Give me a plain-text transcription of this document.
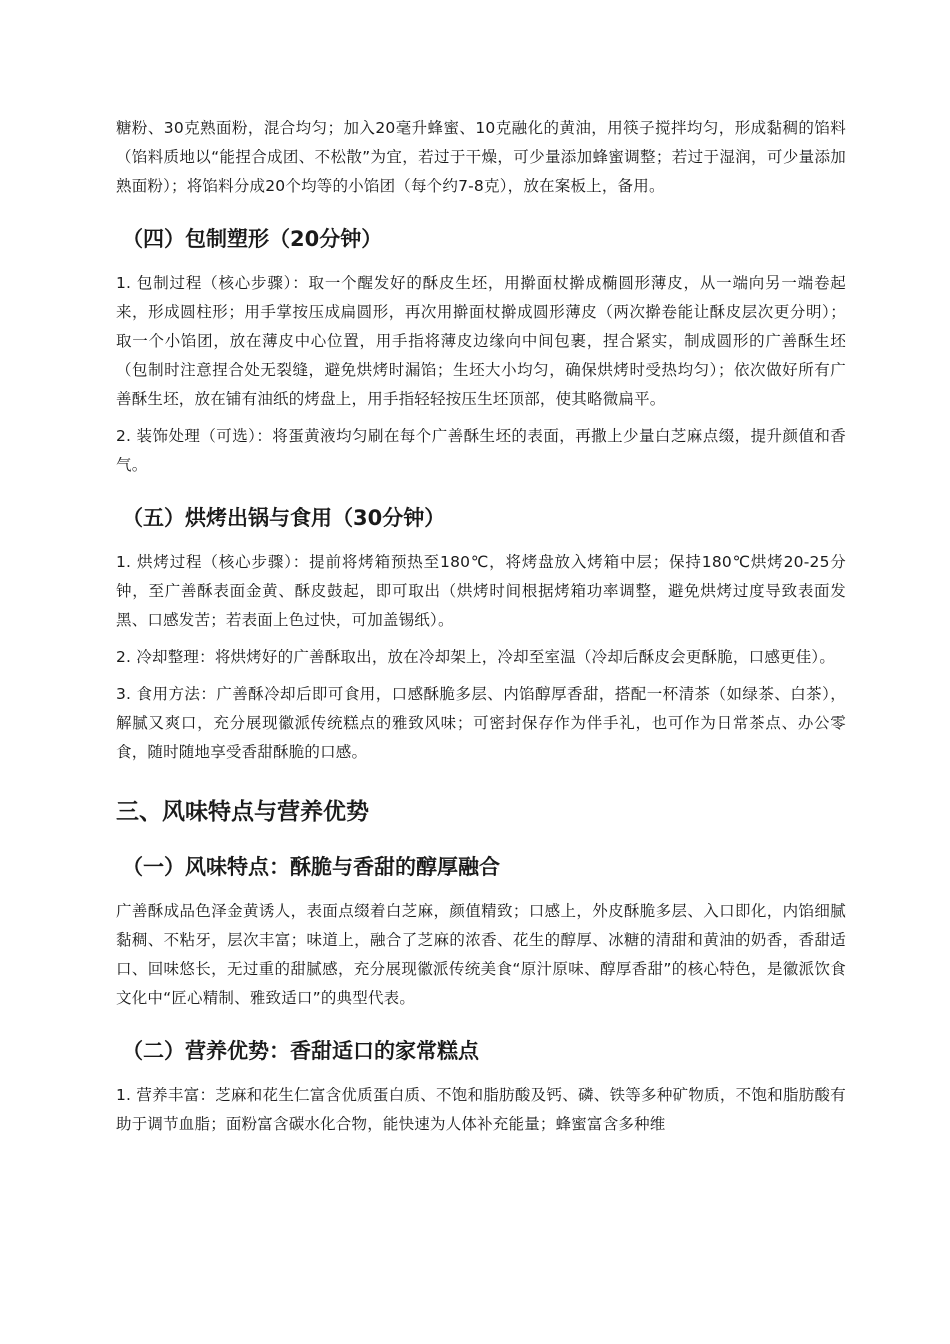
糖粉、30克熟面粉，混合均匀；加入20毫升蜂蜜、10克融化的黄油，用筷子搅拌均匀，形成黏稠的馅料（馅料质地以“能捏合成团、不松散”为宜，若过于干燥，可少量添加蜂蜜调整；若过于湿润，可少量添加熟面粉）；将馅料分成20个均等的小馅团（每个约7-8克），放在案板上，备用。

（四）包制塑形（20分钟）

1. 包制过程（核心步骤）：取一个醒发好的酥皮生坯，用擀面杖擀成椭圆形薄皮，从一端向另一端卷起来，形成圆柱形；用手掌按压成扁圆形，再次用擀面杖擀成圆形薄皮（两次擀卷能让酥皮层次更分明）；取一个小馅团，放在薄皮中心位置，用手指将薄皮边缘向中间包裹，捏合紧实，制成圆形的广善酥生坯（包制时注意捏合处无裂缝，避免烘烤时漏馅；生坯大小均匀，确保烘烤时受热均匀）；依次做好所有广善酥生坯，放在铺有油纸的烤盘上，用手指轻轻按压生坯顶部，使其略微扁平。

2. 装饰处理（可选）：将蛋黄液均匀刷在每个广善酥生坯的表面，再撒上少量白芝麻点缀，提升颜值和香气。

（五）烘烤出锅与食用（30分钟）

1. 烘烤过程（核心步骤）：提前将烤箱预热至180℃，将烤盘放入烤箱中层；保持180℃烘烤20-25分钟，至广善酥表面金黄、酥皮鼓起，即可取出（烘烤时间根据烤箱功率调整，避免烘烤过度导致表面发黑、口感发苦；若表面上色过快，可加盖锡纸）。

2. 冷却整理：将烘烤好的广善酥取出，放在冷却架上，冷却至室温（冷却后酥皮会更酥脆，口感更佳）。

3. 食用方法：广善酥冷却后即可食用，口感酥脆多层、内馅醇厚香甜，搭配一杯清茶（如绿茶、白茶），解腻又爽口，充分展现徽派传统糕点的雅致风味；可密封保存作为伴手礼，也可作为日常茶点、办公零食，随时随地享受香甜酥脆的口感。

三、风味特点与营养优势
（一）风味特点：酥脆与香甜的醇厚融合

广善酥成品色泽金黄诱人，表面点缀着白芝麻，颜值精致；口感上，外皮酥脆多层、入口即化，内馅细腻黏稠、不粘牙，层次丰富；味道上，融合了芝麻的浓香、花生的醇厚、冰糖的清甜和黄油的奶香，香甜适口、回味悠长，无过重的甜腻感，充分展现徽派传统美食“原汁原味、醇厚香甜”的核心特色，是徽派饮食文化中“匠心精制、雅致适口”的典型代表。

（二）营养优势：香甜适口的家常糕点

1. 营养丰富：芝麻和花生仁富含优质蛋白质、不饱和脂肪酸及钙、磷、铁等多种矿物质，不饱和脂肪酸有助于调节血脂；面粉富含碳水化合物，能快速为人体补充能量；蜂蜜富含多种维
